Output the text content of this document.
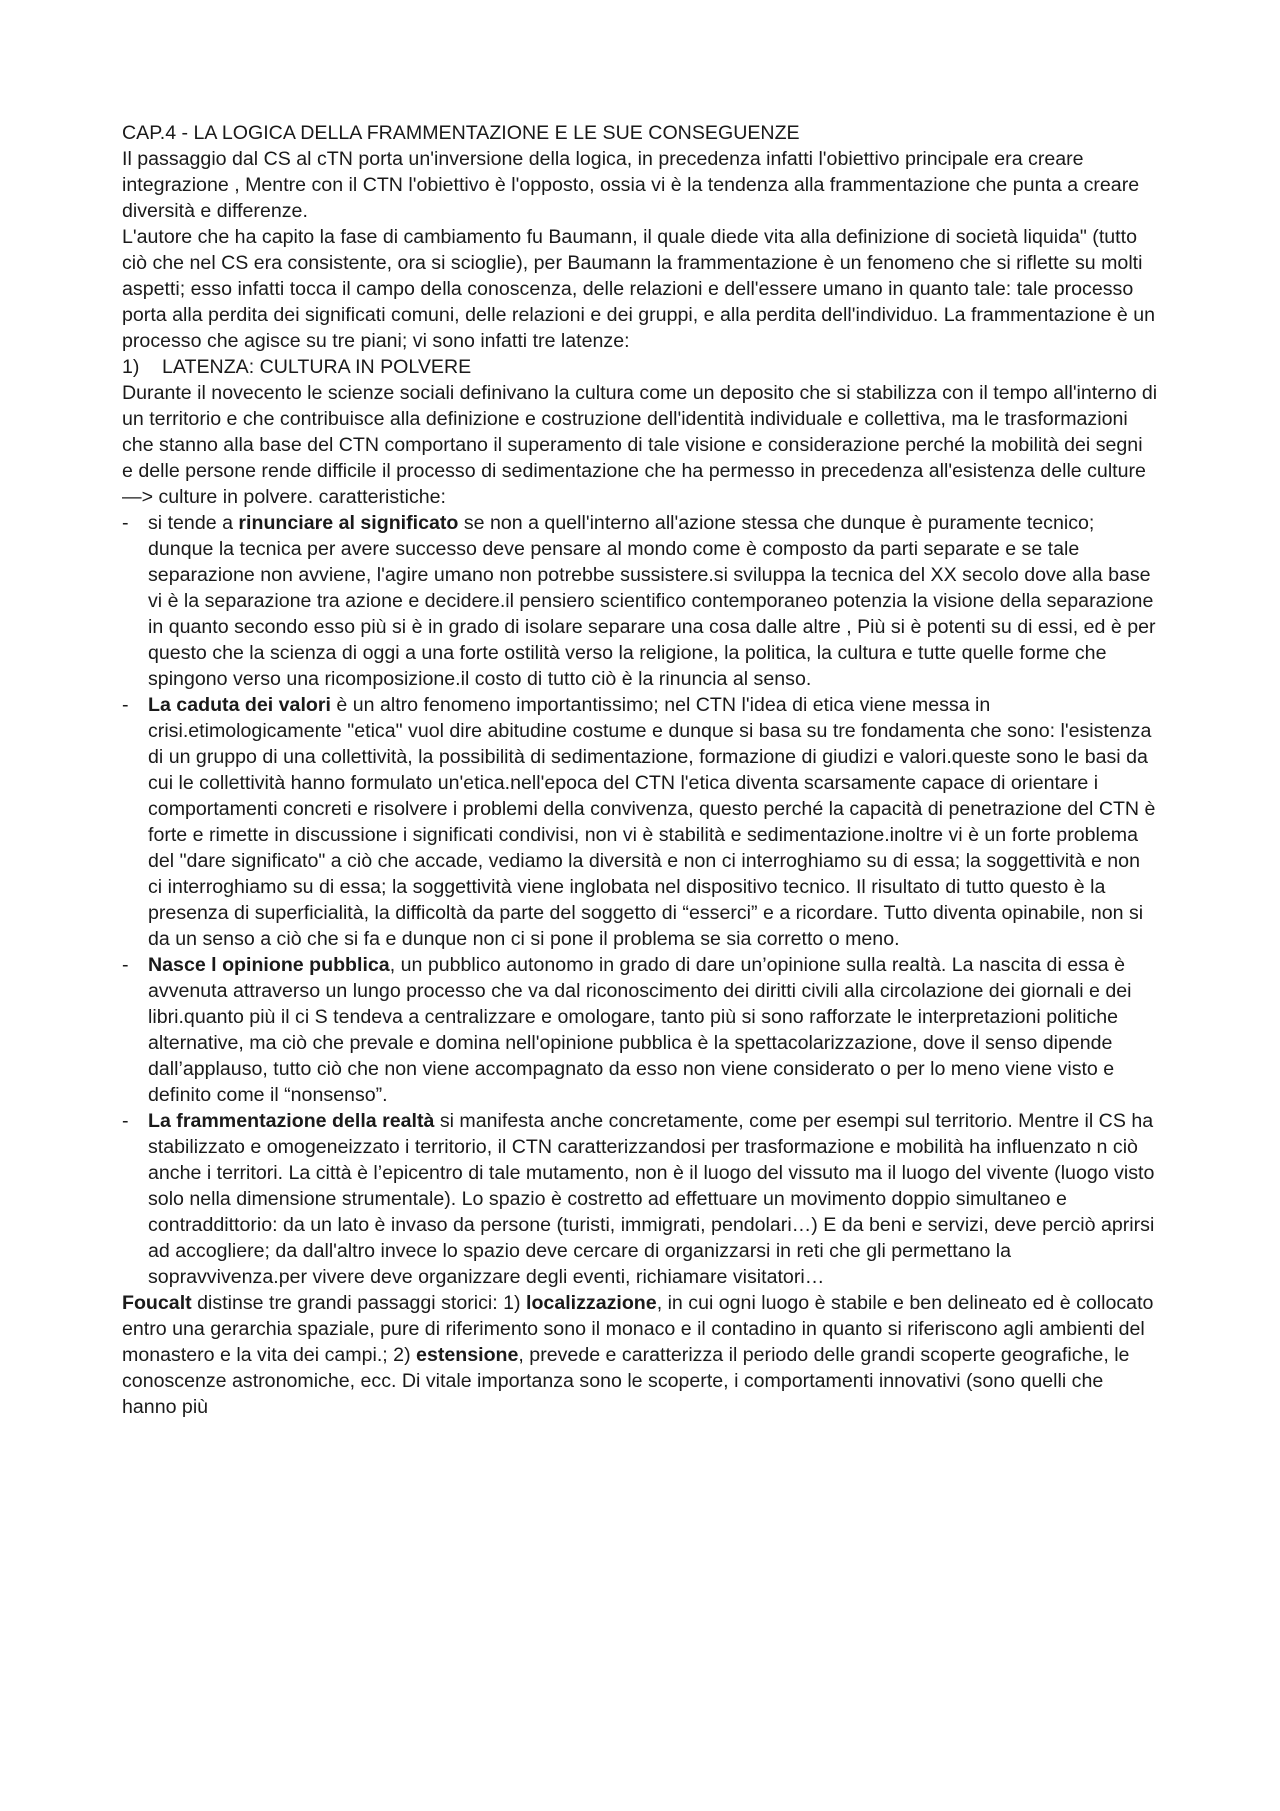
CAP.4 - LA LOGICA DELLA FRAMMENTAZIONE E LE SUE CONSEGUENZE

Il passaggio dal CS al cTN porta un'inversione della logica, in precedenza infatti l'obiettivo principale era creare integrazione , Mentre con il CTN l'obiettivo è l'opposto, ossia vi è la tendenza alla frammentazione che punta a creare diversità e differenze.

L'autore che ha capito la fase di cambiamento fu Baumann, il quale diede vita alla definizione di società liquida" (tutto ciò che nel CS era consistente, ora si scioglie), per Baumann la frammentazione è un fenomeno che si riflette su molti aspetti; esso infatti tocca il campo della conoscenza, delle relazioni e dell'essere umano in quanto tale: tale processo porta alla perdita dei significati comuni, delle relazioni e dei gruppi, e alla perdita dell'individuo. La frammentazione è un processo che agisce su tre piani; vi sono infatti tre latenze:

1)	LATENZA: CULTURA IN POLVERE

Durante il novecento le scienze sociali definivano la cultura come un deposito che si stabilizza con il tempo all'interno di un territorio e che contribuisce alla definizione e costruzione dell'identità individuale e collettiva, ma le trasformazioni che stanno alla base del CTN comportano il superamento di tale visione e considerazione perché la mobilità dei segni e delle persone rende difficile il processo di sedimentazione che ha permesso in precedenza all'esistenza delle culture —> culture in polvere. caratteristiche:

- si tende a rinunciare al significato se non a quell'interno all'azione stessa che dunque è puramente tecnico; dunque la tecnica per avere successo deve pensare al mondo come è composto da parti separate e se tale separazione non avviene, l'agire umano non potrebbe sussistere.si sviluppa la tecnica del XX secolo dove alla base vi è la separazione tra azione e decidere.il pensiero scientifico contemporaneo potenzia la visione della separazione in quanto secondo esso più si è in grado di isolare separare una cosa dalle altre , Più si è potenti su di essi, ed è per questo che la scienza di oggi a una forte ostilità verso la religione, la politica, la cultura e tutte quelle forme che spingono verso una ricomposizione.il costo di tutto ciò è la rinuncia al senso.
- La caduta dei valori è un altro fenomeno importantissimo; nel CTN l'idea di etica viene messa in crisi.etimologicamente "etica" vuol dire abitudine costume e dunque si basa su tre fondamenta che sono: l'esistenza di un gruppo di una collettività, la possibilità di sedimentazione, formazione di giudizi e valori.queste sono le basi da cui le collettività hanno formulato un'etica.nell'epoca del CTN l'etica diventa scarsamente capace di orientare i comportamenti concreti e risolvere i problemi della convivenza, questo perché la capacità di penetrazione del CTN è forte e rimette in discussione i significati condivisi, non vi è stabilità e sedimentazione.inoltre vi è un forte problema del "dare significato" a ciò che accade, vediamo la diversità e non ci interroghiamo su di essa; la soggettività e non ci interroghiamo su di essa; la soggettività viene inglobata nel dispositivo tecnico. Il risultato di tutto questo è la presenza di superficialità, la difficoltà da parte del soggetto di “esserci” e a ricordare. Tutto diventa opinabile, non si da un senso a ciò che si fa e dunque non ci si pone il problema se sia corretto o meno.
- Nasce l opinione pubblica, un pubblico autonomo in grado di dare un’opinione sulla realtà. La nascita di essa è avvenuta attraverso un lungo processo che va dal riconoscimento dei diritti civili alla circolazione dei giornali e dei libri.quanto più il ci S tendeva a centralizzare e omologare, tanto più si sono rafforzate le interpretazioni politiche alternative, ma ciò che prevale e domina nell'opinione pubblica è la spettacolarizzazione, dove il senso dipende dall’applauso, tutto ciò che non viene accompagnato da esso non viene considerato o per lo meno viene visto e definito come il “nonsenso”.
- La frammentazione della realtà si manifesta anche concretamente, come per esempi sul territorio. Mentre il CS ha stabilizzato e omogeneizzato i territorio, il CTN caratterizzandosi per trasformazione e mobilità ha influenzato n ciò anche i territori. La città è l’epicentro di tale mutamento, non è il luogo del vissuto ma il luogo del vivente (luogo visto solo nella dimensione strumentale). Lo spazio è costretto ad effettuare un movimento doppio simultaneo e contraddittorio: da un lato è invaso da persone (turisti, immigrati, pendolari…) E da beni e servizi, deve perciò aprirsi ad accogliere; da dall'altro invece lo spazio deve cercare di organizzarsi in reti che gli permettano la sopravvivenza.per vivere deve organizzare degli eventi, richiamare visitatori…

Foucalt distinse tre grandi passaggi storici: 1) localizzazione, in cui ogni luogo è stabile e ben delineato ed è collocato entro una gerarchia spaziale, pure di riferimento sono il monaco e il contadino in quanto si riferiscono agli ambienti del monastero e la vita dei campi.; 2) estensione, prevede e caratterizza il periodo delle grandi scoperte geografiche, le conoscenze astronomiche, ecc. Di vitale importanza sono le scoperte, i comportamenti innovativi (sono quelli che hanno più
